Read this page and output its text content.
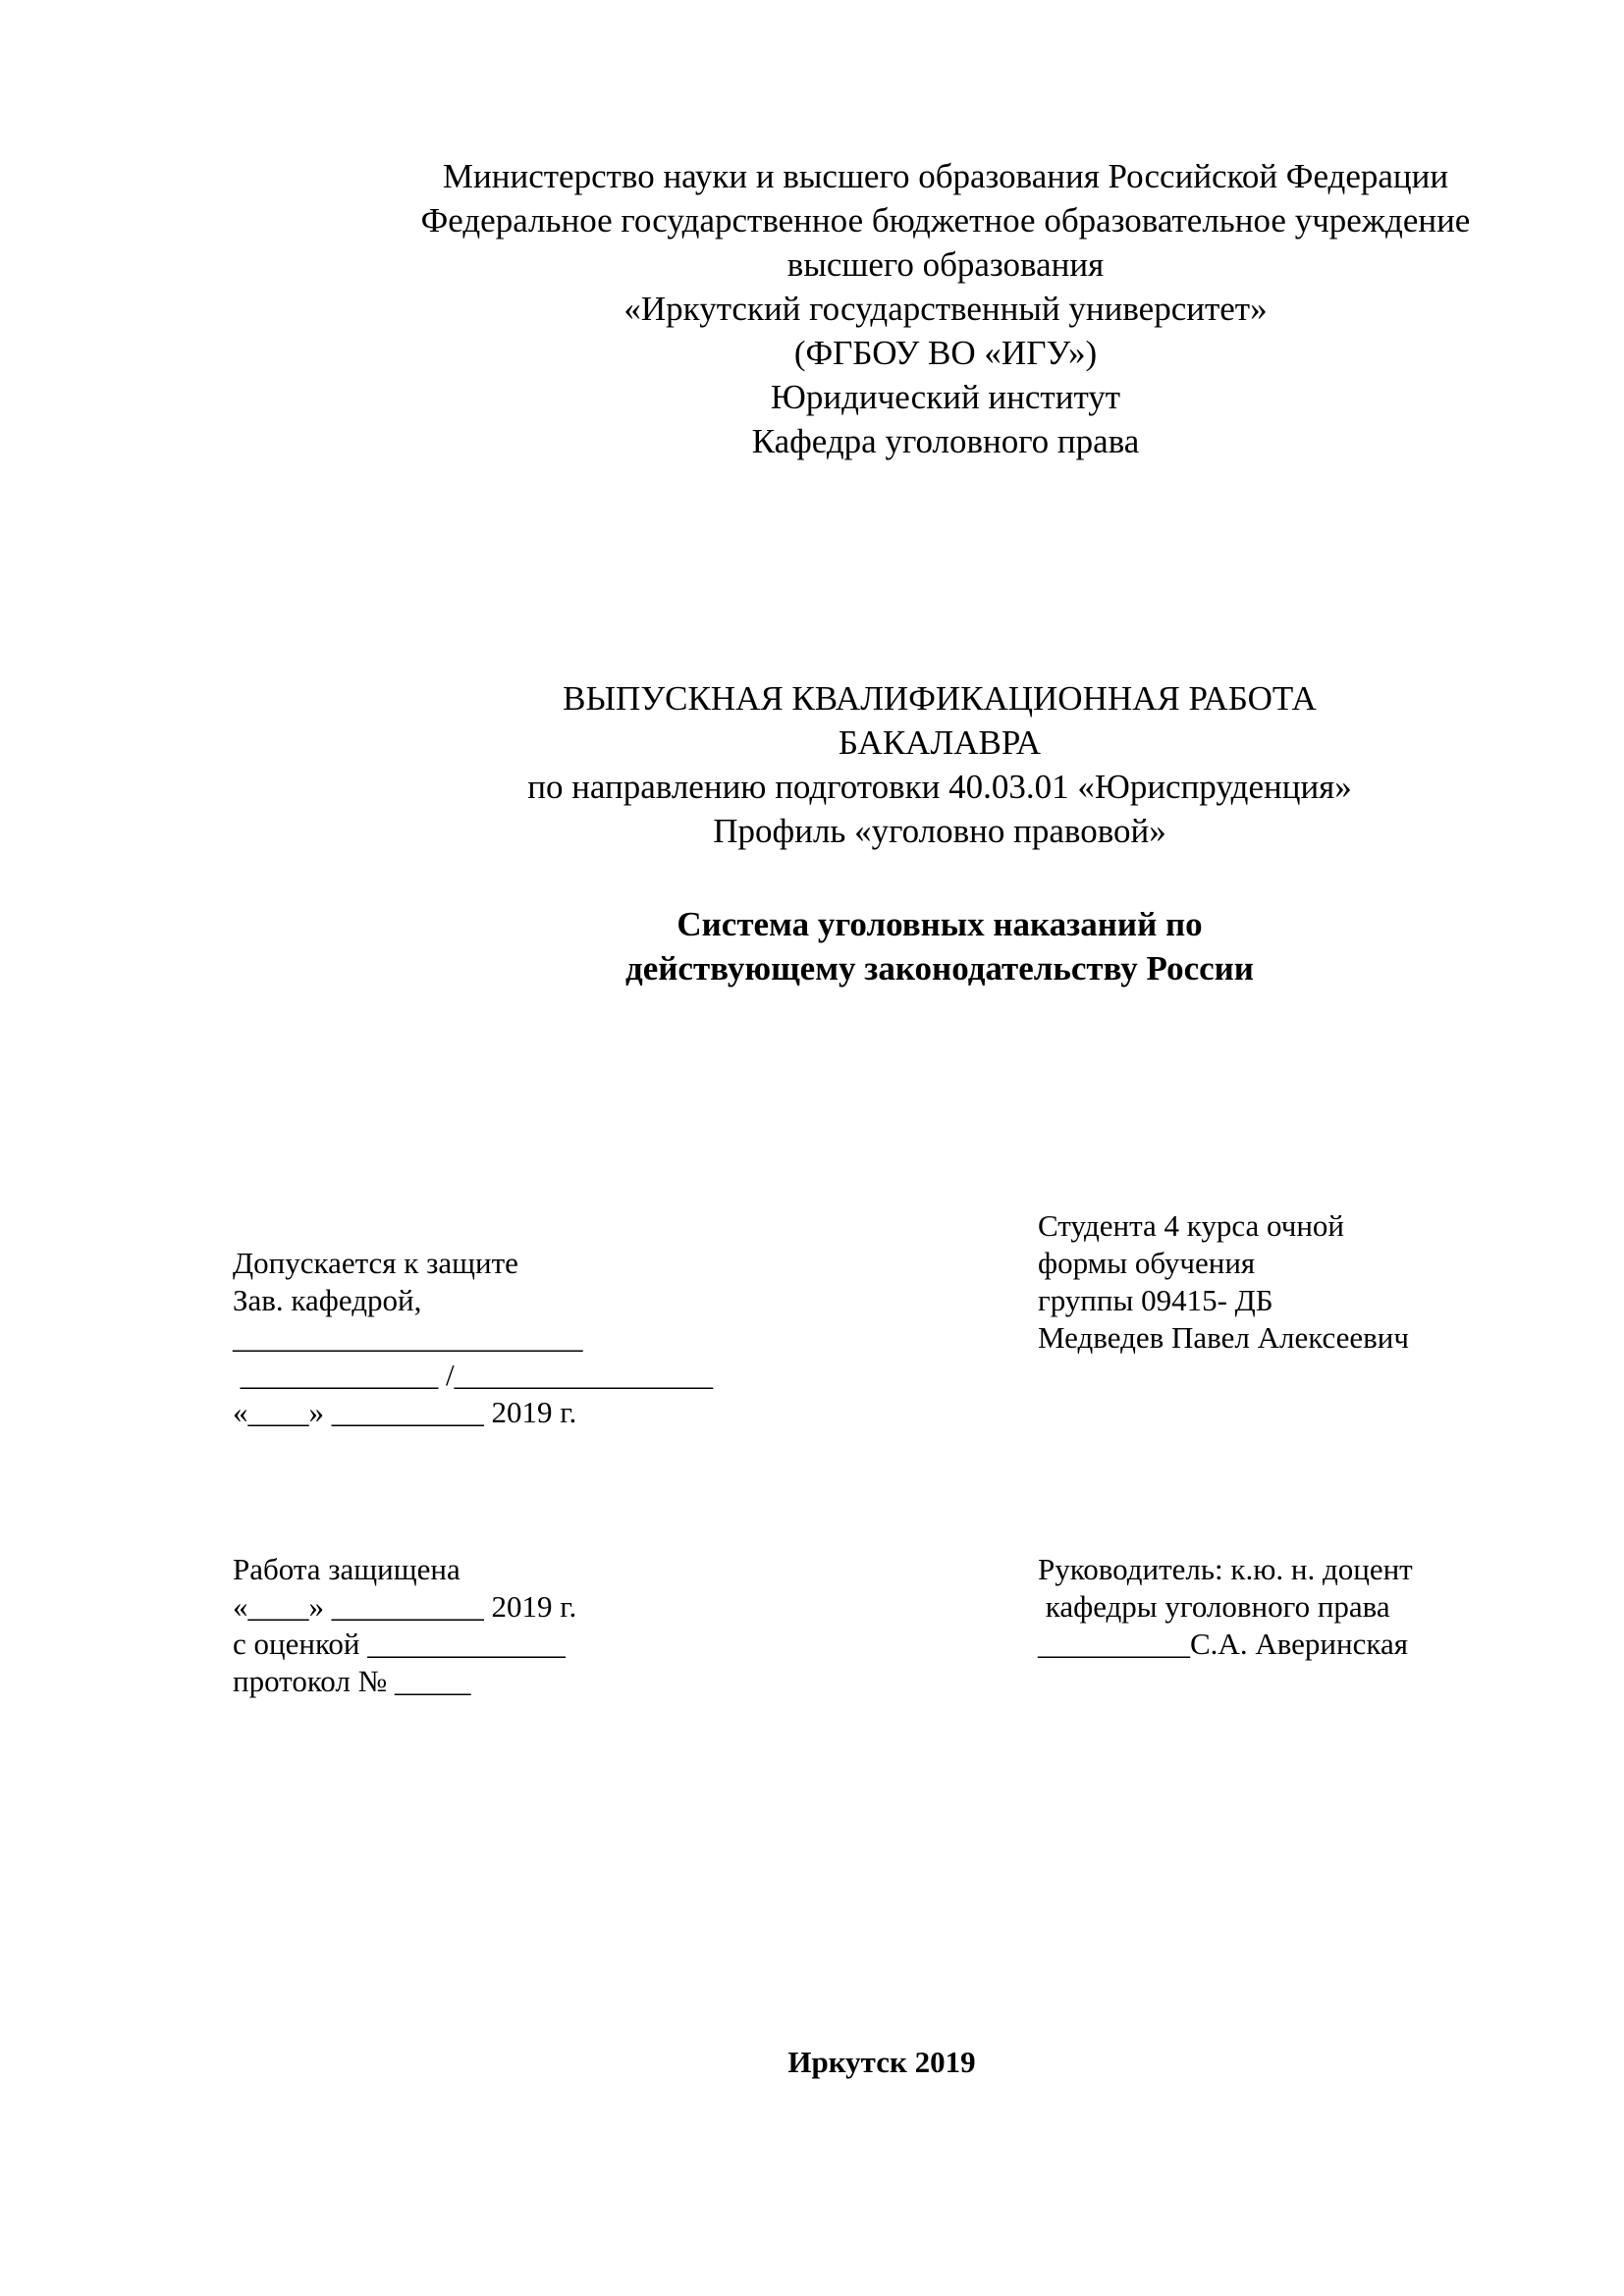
Министерство науки и высшего образования Российской Федерации
Федеральное государственное бюджетное образовательное учреждение
высшего образования
«Иркутский государственный университет»
(ФГБОУ ВО «ИГУ»)
Юридический институт
Кафедра уголовного права
ВЫПУСКНАЯ КВАЛИФИКАЦИОННАЯ РАБОТА
БАКАЛАВРА
по направлению подготовки 40.03.01 «Юриспруденция»
Профиль «уголовно правовой»
Система уголовных наказаний по
действующему законодательству России
Допускается к защите
Зав. кафедрой,
_______________________
_____________ /_________________
«____» __________ 2019 г.
Студента 4 курса очной
формы обучения
группы 09415- ДБ
Медведев Павел Алексеевич
Работа защищена
«____» __________ 2019 г.
с оценкой _____________
протокол № _____
Руководитель: к.ю. н. доцент
кафедры уголовного права
__________С.А. Аверинская
Иркутск 2019
